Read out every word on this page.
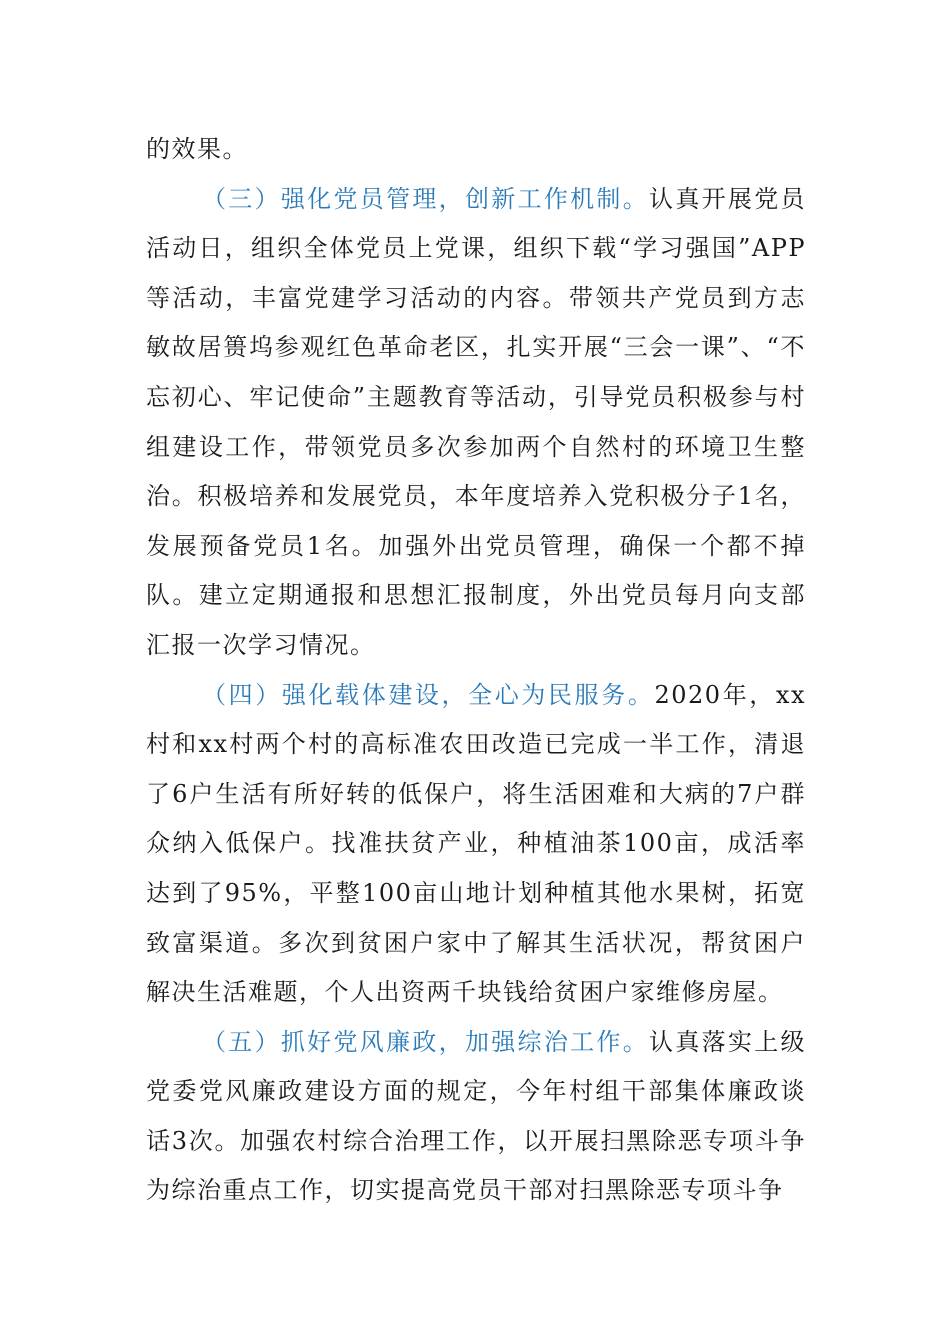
的效果。

（三）强化党员管理，创新工作机制。认真开展党员活动日，组织全体党员上党课，组织下载“学习强国”APP等活动，丰富党建学习活动的内容。带领共产党员到方志敏故居篑坞参观红色革命老区，扎实开展“三会一课”、“不忘初心、牢记使命”主题教育等活动，引导党员积极参与村组建设工作，带领党员多次参加两个自然村的环境卫生整治。积极培养和发展党员，本年度培养入党积极分子1名，发展预备党员1名。加强外出党员管理，确保一个都不掉队。建立定期通报和思想汇报制度，外出党员每月向支部汇报一次学习情况。

（四）强化载体建设，全心为民服务。2020年，xx村和xx村两个村的高标准农田改造已完成一半工作，清退了6户生活有所好转的低保户，将生活困难和大病的7户群众纳入低保户。找准扶贫产业，种植油茶100亩，成活率达到了95%，平整100亩山地计划种植其他水果树，拓宽致富渠道。多次到贫困户家中了解其生活状况，帮贫困户解决生活难题，个人出资两千块钱给贫困户家维修房屋。

（五）抓好党风廉政，加强综治工作。认真落实上级党委党风廉政建设方面的规定，今年村组干部集体廉政谈话3次。加强农村综合治理工作，以开展扫黑除恶专项斗争为综治重点工作，切实提高党员干部对扫黑除恶专项斗争
